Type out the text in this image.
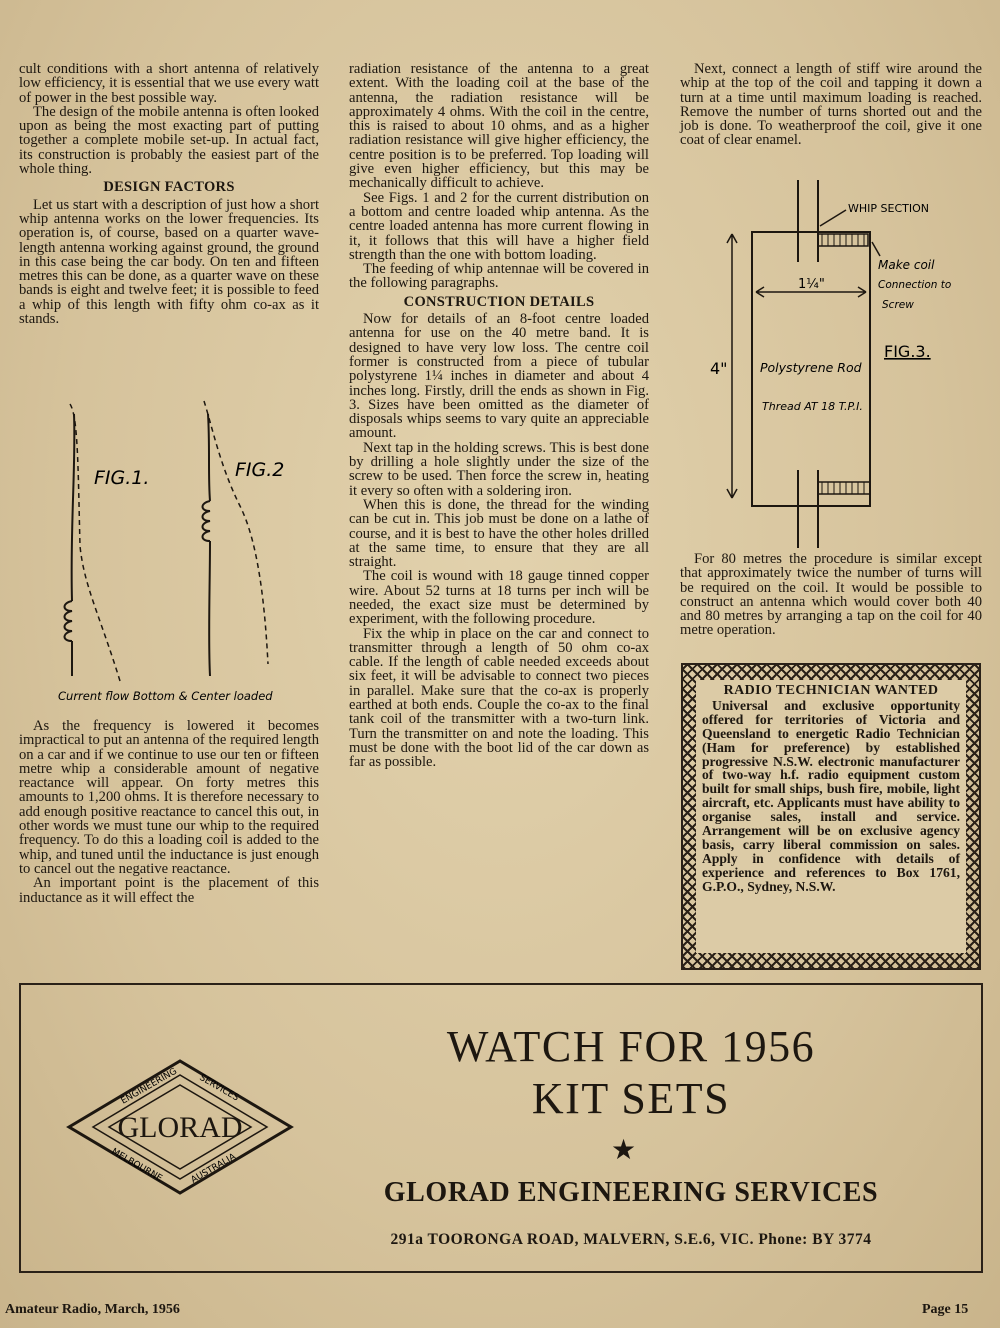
cult conditions with a short antenna of relatively low efficiency, it is essential that we use every watt of power in the best possible way.

The design of the mobile antenna is often looked upon as being the most exacting part of putting together a complete mobile set-up. In actual fact, its construction is probably the easiest part of the whole thing.

DESIGN FACTORS

Let us start with a description of just how a short whip antenna works on the lower frequencies. Its operation is, of course, based on a quarter wave-length antenna working against ground, the ground in this case being the car body. On ten and fifteen metres this can be done, as a quarter wave on these bands is eight and twelve feet; it is possible to feed a whip of this length with fifty ohm co-ax as it stands.

FIG.1.	FIG.2
Current flow Bottom & Center loaded

As the frequency is lowered it becomes impractical to put an antenna of the required length on a car and if we continue to use our ten or fifteen metre whip a considerable amount of negative reactance will appear. On forty metres this amounts to 1,200 ohms. It is therefore necessary to add enough positive reactance to cancel this out, in other words we must tune our whip to the required frequency. To do this a loading coil is added to the whip, and tuned until the inductance is just enough to cancel out the negative reactance.

An important point is the placement of this inductance as it will effect the

radiation resistance of the antenna to a great extent. With the loading coil at the base of the antenna, the radiation resistance will be approximately 4 ohms. With the coil in the centre, this is raised to about 10 ohms, and as a higher radiation resistance will give higher efficiency, the centre position is to be preferred. Top loading will give even higher efficiency, but this may be mechanically difficult to achieve.

See Figs. 1 and 2 for the current distribution on a bottom and centre loaded whip antenna. As the centre loaded antenna has more current flowing in it, it follows that this will have a higher field strength than the one with bottom loading.

The feeding of whip antennae will be covered in the following paragraphs.

CONSTRUCTION DETAILS

Now for details of an 8-foot centre loaded antenna for use on the 40 metre band. It is designed to have very low loss. The centre coil former is constructed from a piece of tubular polystyrene 1¼ inches in diameter and about 4 inches long. Firstly, drill the ends as shown in Fig. 3. Sizes have been omitted as the diameter of disposals whips seems to vary quite an appreciable amount.

Next tap in the holding screws. This is best done by drilling a hole slightly under the size of the screw to be used. Then force the screw in, heating it every so often with a soldering iron.

When this is done, the thread for the winding can be cut in. This job must be done on a lathe of course, and it is best to have the other holes drilled at the same time, to ensure that they are all straight.

The coil is wound with 18 gauge tinned copper wire. About 52 turns at 18 turns per inch will be needed, the exact size must be determined by experiment, with the following procedure.

Fix the whip in place on the car and connect to transmitter through a length of 50 ohm co-ax cable. If the length of cable needed exceeds about six feet, it will be advisable to connect two pieces in parallel. Make sure that the co-ax is properly earthed at both ends. Couple the co-ax to the final tank coil of the transmitter with a two-turn link. Turn the transmitter on and note the loading. This must be done with the boot lid of the car down as far as possible.

Next, connect a length of stiff wire around the whip at the top of the coil and tapping it down a turn at a time until maximum loading is reached. Remove the number of turns shorted out and the job is done. To weatherproof the coil, give it one coat of clear enamel.

WHIP SECTION
Make coil
Connection to
Screw
1¼"
4"	Polystyrene Rod
Thread AT 18 T.P.I.
FIG.3.

For 80 metres the procedure is similar except that approximately twice the number of turns will be required on the coil. It would be possible to construct an antenna which would cover both 40 and 80 metres by arranging a tap on the coil for 40 metre operation.

RADIO TECHNICIAN WANTED

Universal and exclusive opportunity offered for territories of Victoria and Queensland to energetic Radio Technician (Ham for preference) by established progressive N.S.W. electronic manufacturer of two-way h.f. radio equipment custom built for small ships, bush fire, mobile, light aircraft, etc. Applicants must have ability to organise sales, install and service. Arrangement will be on exclusive agency basis, carry liberal commission on sales. Apply in confidence with details of experience and references to Box 1761, G.P.O., Sydney, N.S.W.

GLORAD
ENGINEERING SERVICES
MELBOURNE	AUSTRALIA
WATCH FOR 1956
KIT SETS
★
GLORAD ENGINEERING SERVICES
291a TOORONGA ROAD, MALVERN, S.E.6, VIC. Phone: BY 3774
Amateur Radio, March, 1956	Page 15
